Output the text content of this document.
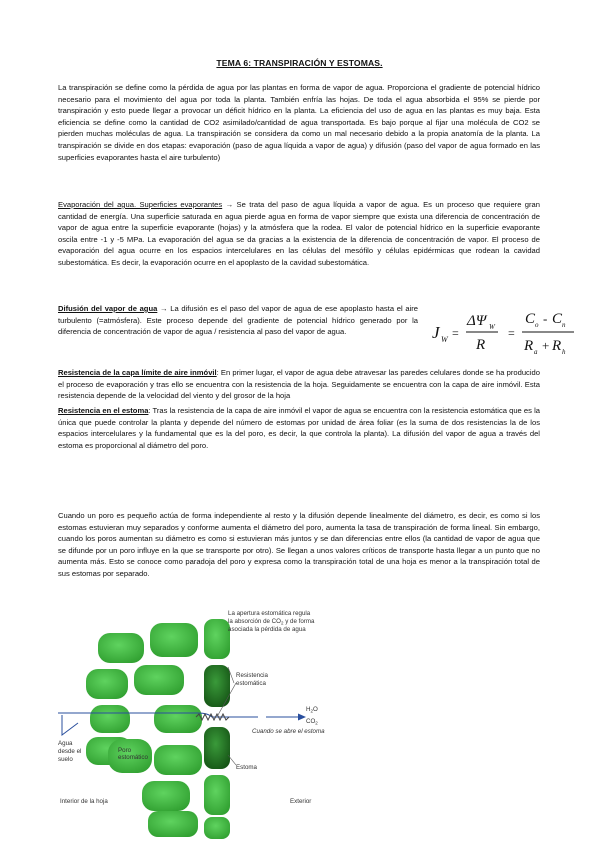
TEMA 6: TRANSPIRACIÓN Y ESTOMAS.
La transpiración se define como la pérdida de agua por las plantas en forma de vapor de agua. Proporciona el gradiente de potencial hídrico necesario para el movimiento del agua por toda la planta. También enfría las hojas. De toda el agua absorbida el 95% se pierde por transpiración y esto puede llegar a provocar un déficit hídrico en la planta. La eficiencia del uso de agua en las plantas es muy baja. Esta eficiencia se define como la cantidad de CO2 asimilado/cantidad de agua transportada. Es bajo porque al fijar una molécula de CO2 se pierden muchas moléculas de agua. La transpiración se considera da como un mal necesario debido a la propia anatomía de la planta. La transpiración se divide en dos etapas: evaporación (paso de agua líquida a vapor de agua) y difusión (paso del vapor de agua formado en las superficies evaporantes hasta el aire turbulento)
Evaporación del agua. Superficies evaporantes → Se trata del paso de agua líquida a vapor de agua. Es un proceso que requiere gran cantidad de energía. Una superficie saturada en agua pierde agua en forma de vapor siempre que exista una diferencia de concentración de vapor de agua entre la superficie evaporante (hojas) y la atmósfera que la rodea. El valor de potencial hídrico en la superficie evaporante oscila entre -1 y -5 MPa. La evaporación del agua se da gracias a la existencia de la diferencia de concentración de vapor. El proceso de evaporación del agua ocurre en los espacios intercelulares en las células del mesófilo y células epidérmicas que rodean la cavidad subestomática. Es decir, la evaporación ocurre en el apoplasto de la cavidad subestomática.
Difusión del vapor de agua → La difusión es el paso del vapor de agua de ese apoplasto hasta el aire turbulento (=atmósfera). Este proceso depende del gradiente de potencial hídrico generado por la diferencia de concentración de vapor de agua / resistencia al paso del vapor de agua.	J W =
ΔΨ W
R
=
C o - C n
R a + R h
Resistencia de la capa límite de aire inmóvil: En primer lugar, el vapor de agua debe atravesar las paredes celulares donde se ha producido el proceso de evaporación y tras ello se encuentra con la resistencia de la hoja. Seguidamente se encuentra con la capa de aire inmóvil. Esta resistencia depende de la velocidad del viento y del grosor de la hoja
Resistencia en el estoma: Tras la resistencia de la capa de aire inmóvil el vapor de agua se encuentra con la resistencia estomática que es la única que puede controlar la planta y depende del número de estomas por unidad de área foliar (es la suma de dos resistencias la de los espacios intercelulares y la fundamental que es la del poro, es decir, la que controla la planta). La difusión del vapor de agua a través del estoma es proporcional al diámetro del poro.
Cuando un poro es pequeño actúa de forma independiente al resto y la difusión depende linealmente del diámetro, es decir, es como si los estomas estuvieran muy separados y conforme aumenta el diámetro del poro, aumenta la tasa de transpiración de forma lineal. Sin embargo, cuando los poros aumentan su diámetro es como si estuvieran más juntos y se dan diferencias entre ellos (la cantidad de vapor de agua que se difunde por un poro influye en la que se transporte por otro). Se llegan a unos valores críticos de transporte hasta llegar a un punto que no aumenta más. Esto se conoce como paradoja del poro y expresa como la transpiración total de una hoja es menor a la transpiración total de sus estomas por separado.
La apertura estomática regula
la absorción de $CO_2$ y de forma
asociada la pérdida de agua
Resistencia
estomática
$H_2O$
$CO_2$
Cuando se abre el estoma
Agua
desde el
suelo
Poro
estomático
Estoma
Interior de la hoja	Exterior
